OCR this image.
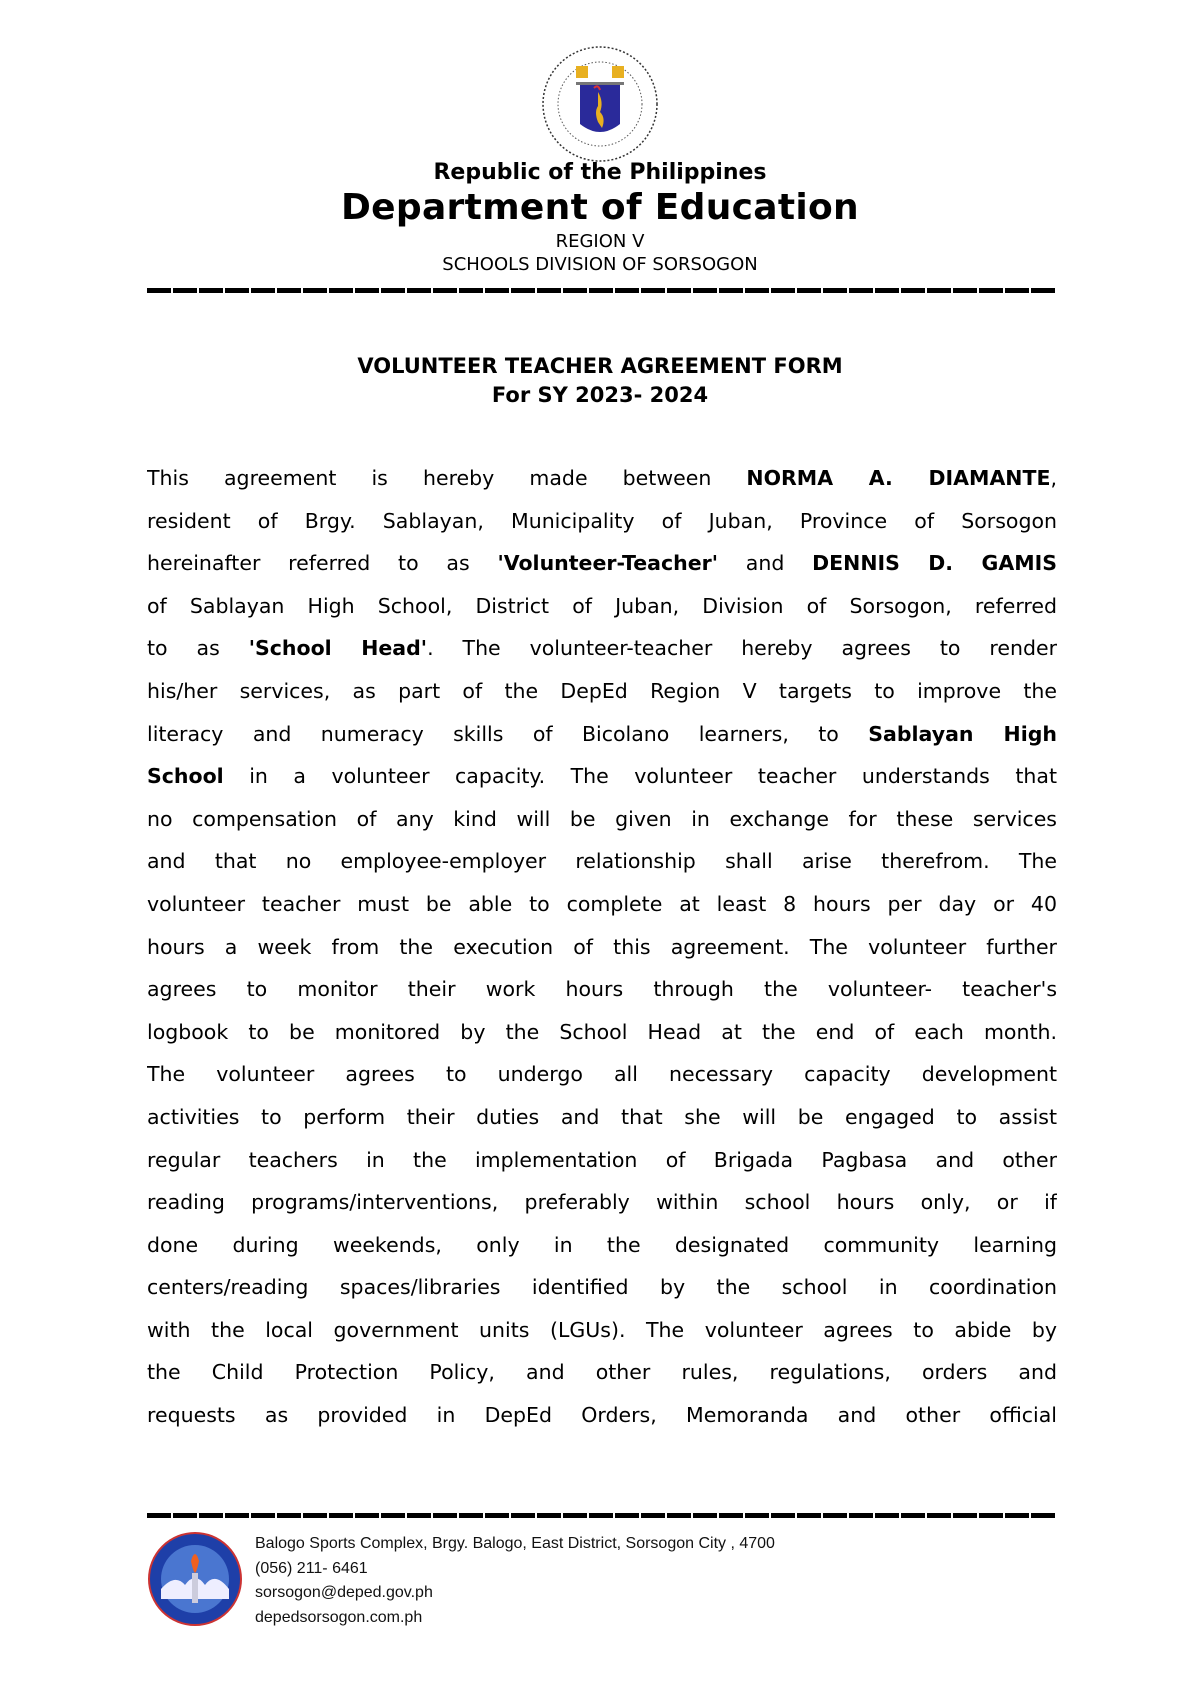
Republic of the Philippines
Department of Education
REGION V
SCHOOLS DIVISION OF SORSOGON
VOLUNTEER TEACHER AGREEMENT FORM
For SY 2023- 2024
This agreement is hereby made between NORMA A. DIAMANTE,
resident of Brgy. Sablayan, Municipality of Juban, Province of Sorsogon
hereinafter referred to as 'Volunteer-Teacher' and DENNIS D. GAMIS
of Sablayan High School, District of Juban, Division of Sorsogon, referred
to as 'School Head'. The volunteer-teacher hereby agrees to render
his/her services, as part of the DepEd Region V targets to improve the
literacy and numeracy skills of Bicolano learners, to Sablayan High
School in a volunteer capacity. The volunteer teacher understands that
no compensation of any kind will be given in exchange for these services
and that no employee-employer relationship shall arise therefrom. The
volunteer teacher must be able to complete at least 8 hours per day or 40
hours a week from the execution of this agreement. The volunteer further
agrees to monitor their work hours through the volunteer- teacher's
logbook to be monitored by the School Head at the end of each month.
The volunteer agrees to undergo all necessary capacity development
activities to perform their duties and that she will be engaged to assist
regular teachers in the implementation of Brigada Pagbasa and other
reading programs/interventions, preferably within school hours only, or if
done during weekends, only in the designated community learning
centers/reading spaces/libraries identified by the school in coordination
with the local government units (LGUs). The volunteer agrees to abide by
the Child Protection Policy, and other rules, regulations, orders and
requests as provided in DepEd Orders, Memoranda and other official
Balogo Sports Complex, Brgy. Balogo, East District, Sorsogon City , 4700
(056) 211- 6461
sorsogon@deped.gov.ph
depedsorsogon.com.ph
